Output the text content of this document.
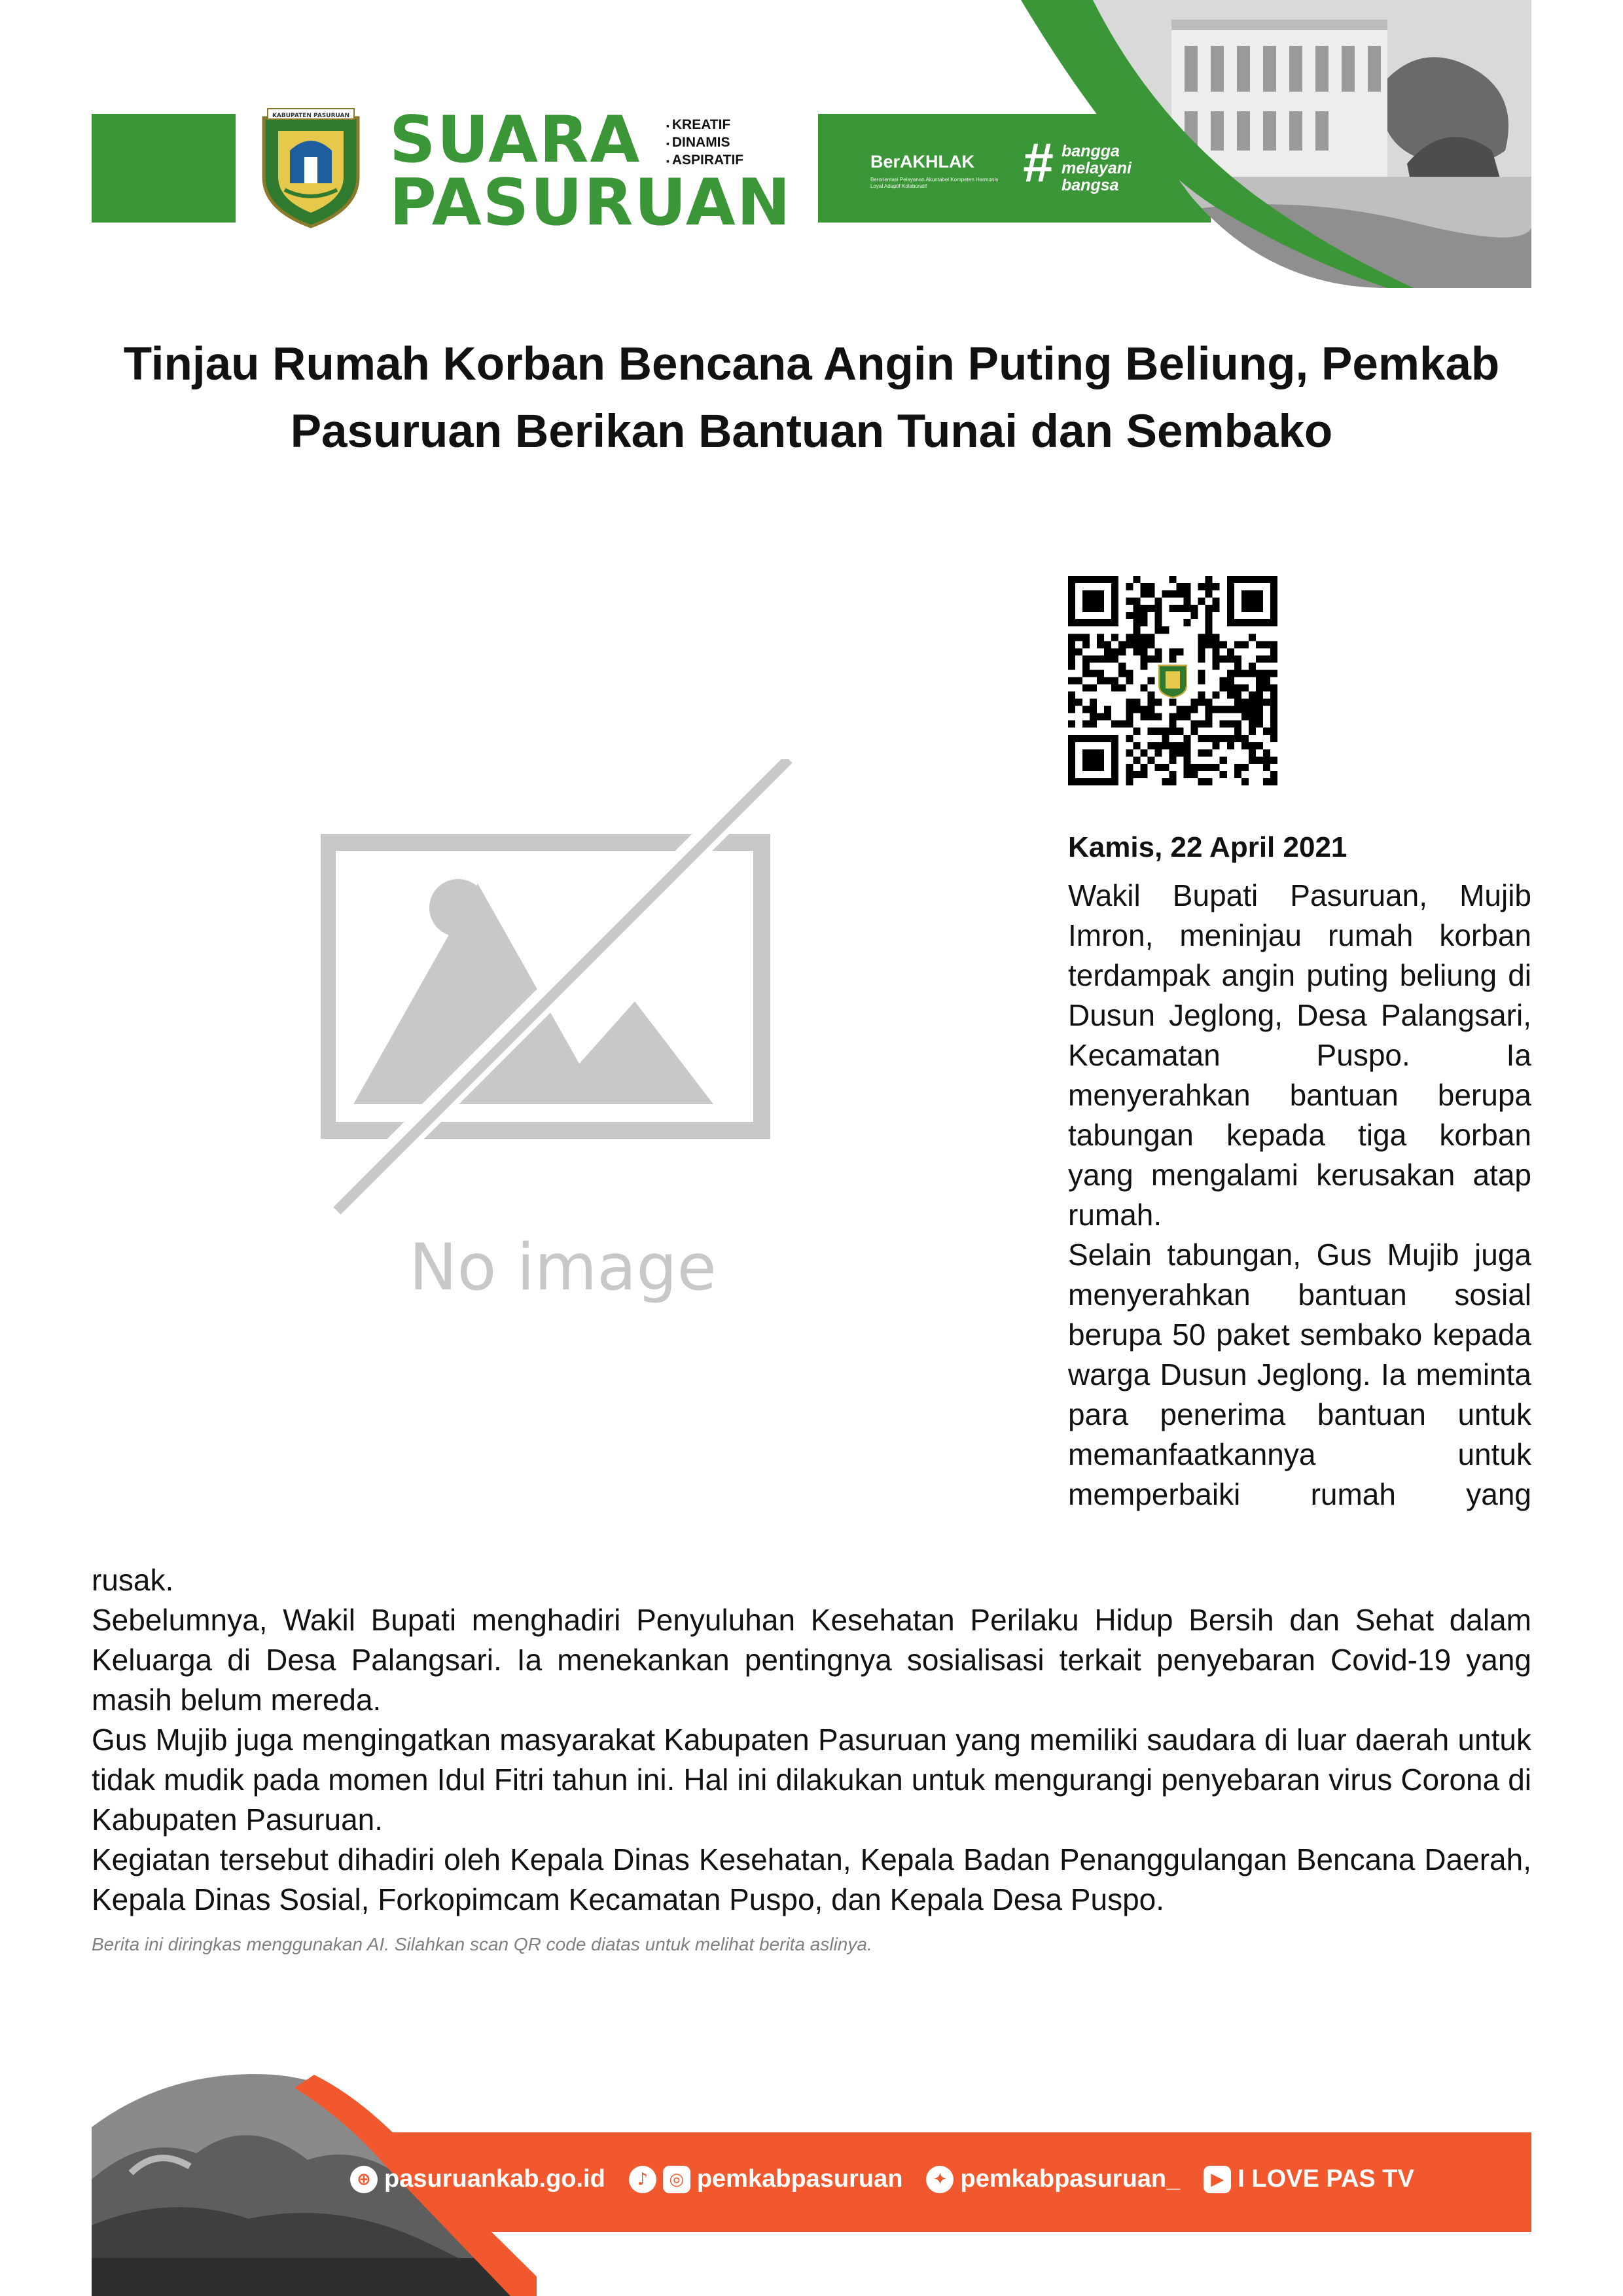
KABUPATEN PASURUAN SUARA
PASURUAN
▪ KREATIF
▪ DINAMIS
▪ ASPIRATIF	BerAKHLAK
Berorientasi Pelayanan Akuntabel Kompeten Harmonis Loyal Adaptif Kolaboratif	# bangga
melayani
bangsa
Tinjau Rumah Korban Bencana Angin Puting Beliung, Pemkab Pasuruan Berikan Bantuan Tunai dan Sembako
No image
Kamis, 22 April 2021

Wakil Bupati Pasuruan, Mujib Imron, meninjau rumah korban terdampak angin puting beliung di Dusun Jeglong, Desa Palangsari, Kecamatan Puspo. Ia menyerahkan bantuan berupa tabungan kepada tiga korban yang mengalami kerusakan atap rumah.

Selain tabungan, Gus Mujib juga menyerahkan bantuan sosial berupa 50 paket sembako kepada warga Dusun Jeglong. Ia meminta para penerima bantuan untuk memanfaatkannya untuk memperbaiki rumah yang

rusak.

Sebelumnya, Wakil Bupati menghadiri Penyuluhan Kesehatan Perilaku Hidup Bersih dan Sehat dalam Keluarga di Desa Palangsari. Ia menekankan pentingnya sosialisasi terkait penyebaran Covid-19 yang masih belum mereda.

Gus Mujib juga mengingatkan masyarakat Kabupaten Pasuruan yang memiliki saudara di luar daerah untuk tidak mudik pada momen Idul Fitri tahun ini. Hal ini dilakukan untuk mengurangi penyebaran virus Corona di Kabupaten Pasuruan.

Kegiatan tersebut dihadiri oleh Kepala Dinas Kesehatan, Kepala Badan Penanggulangan Bencana Daerah, Kepala Dinas Sosial, Forkopimcam Kecamatan Puspo, dan Kepala Desa Puspo.

Berita ini diringkas menggunakan AI. Silahkan scan QR code diatas untuk melihat berita aslinya.
⊕ pasuruankab.go.id	♪	◎ pemkabpasuruan	✦ pemkabpasuruan_	▶ I LOVE PAS TV
